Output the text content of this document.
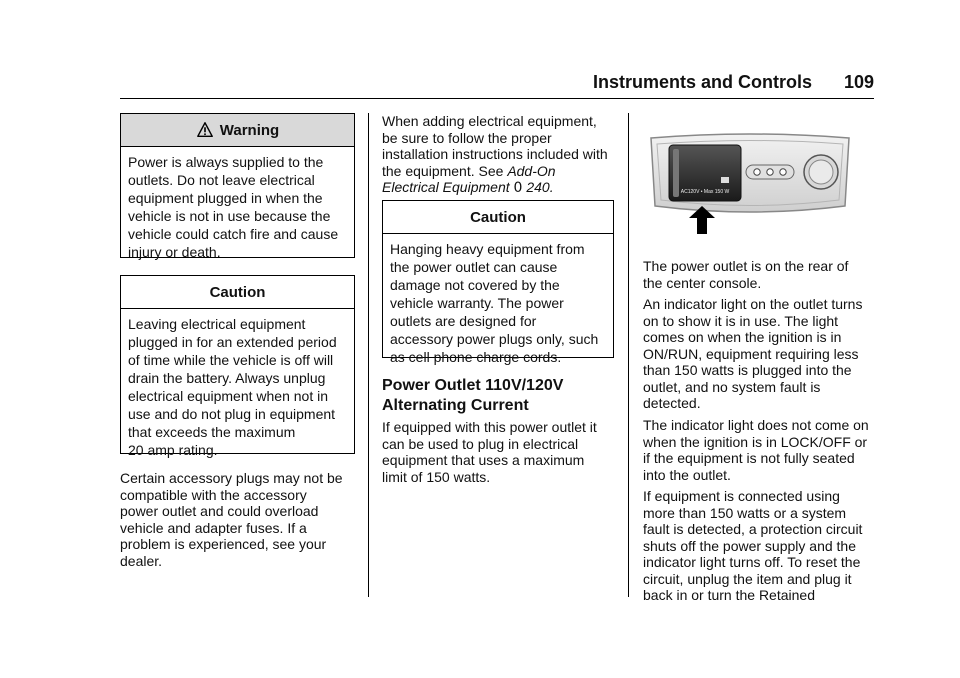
Instruments and Controls 109
Warning
Power is always supplied to the
outlets. Do not leave electrical
equipment plugged in when the
vehicle is not in use because the
vehicle could catch fire and cause
injury or death.
Caution
Leaving electrical equipment
plugged in for an extended period
of time while the vehicle is off will
drain the battery. Always unplug
electrical equipment when not in
use and do not plug in equipment
that exceeds the maximum
20 amp rating.
Certain accessory plugs may not be
compatible with the accessory
power outlet and could overload
vehicle and adapter fuses. If a
problem is experienced, see your
dealer.
When adding electrical equipment,
be sure to follow the proper
installation instructions included with
the equipment. See Add-On
Electrical Equipment 0 240.
Caution
Hanging heavy equipment from
the power outlet can cause
damage not covered by the
vehicle warranty. The power
outlets are designed for
accessory power plugs only, such
as cell phone charge cords.
Power Outlet 110V/120V
Alternating Current
If equipped with this power outlet it
can be used to plug in electrical
equipment that uses a maximum
limit of 150 watts.
AC120V • Max 150 W
The power outlet is on the rear of
the center console.
An indicator light on the outlet turns
on to show it is in use. The light
comes on when the ignition is in
ON/RUN, equipment requiring less
than 150 watts is plugged into the
outlet, and no system fault is
detected.
The indicator light does not come on
when the ignition is in LOCK/OFF or
if the equipment is not fully seated
into the outlet.
If equipment is connected using
more than 150 watts or a system
fault is detected, a protection circuit
shuts off the power supply and the
indicator light turns off. To reset the
circuit, unplug the item and plug it
back in or turn the Retained
